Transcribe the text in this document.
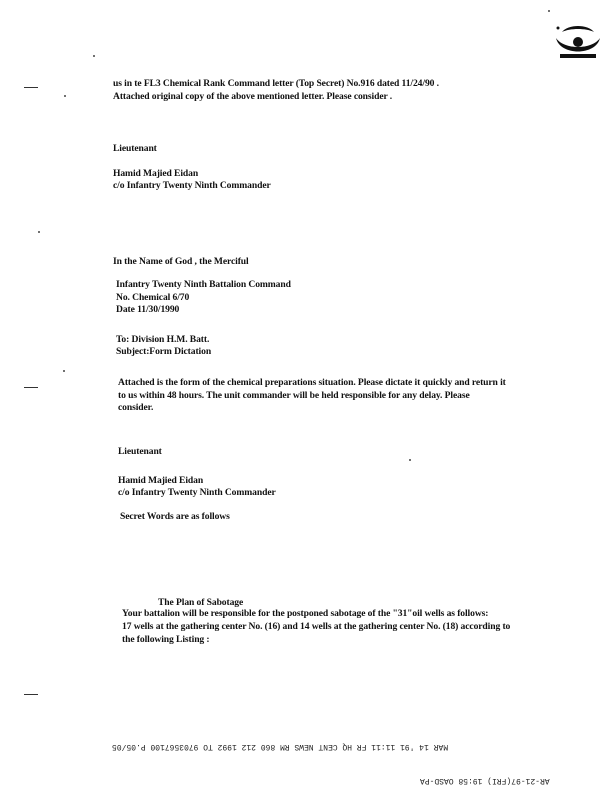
us in te FL3 Chemical Rank Command letter (Top Secret) No.916 dated 11/24/90 .
Attached original copy of the above mentioned letter. Please consider .
Lieutenant
Hamid Majied Eidan
c/o Infantry Twenty Ninth Commander
In the Name of God , the Merciful
Infantry Twenty Ninth Battalion Command
No. Chemical 6/70
Date 11/30/1990
To: Division H.M. Batt.
Subject:Form Dictation
Attached is the form of the chemical preparations situation. Please dictate it quickly and return it
to us within 48 hours. The unit commander will be held responsible for any delay. Please
consider.
Lieutenant
Hamid Majied Eidan
c/o Infantry Twenty Ninth Commander
Secret Words are as follows
The Plan of Sabotage
Your battalion will be responsible for the postponed sabotage of the "31"oil wells as follows:
17 wells at the gathering center No. (16) and 14 wells at the gathering center No. (18) according to
the following Listing :
MAR 14 '91 11:11 FR HQ CENT NEWS RM 860 212 1992 TO 9703567100 P.05/05
AR-21-97(FRI) 19:58 OASD-PA
